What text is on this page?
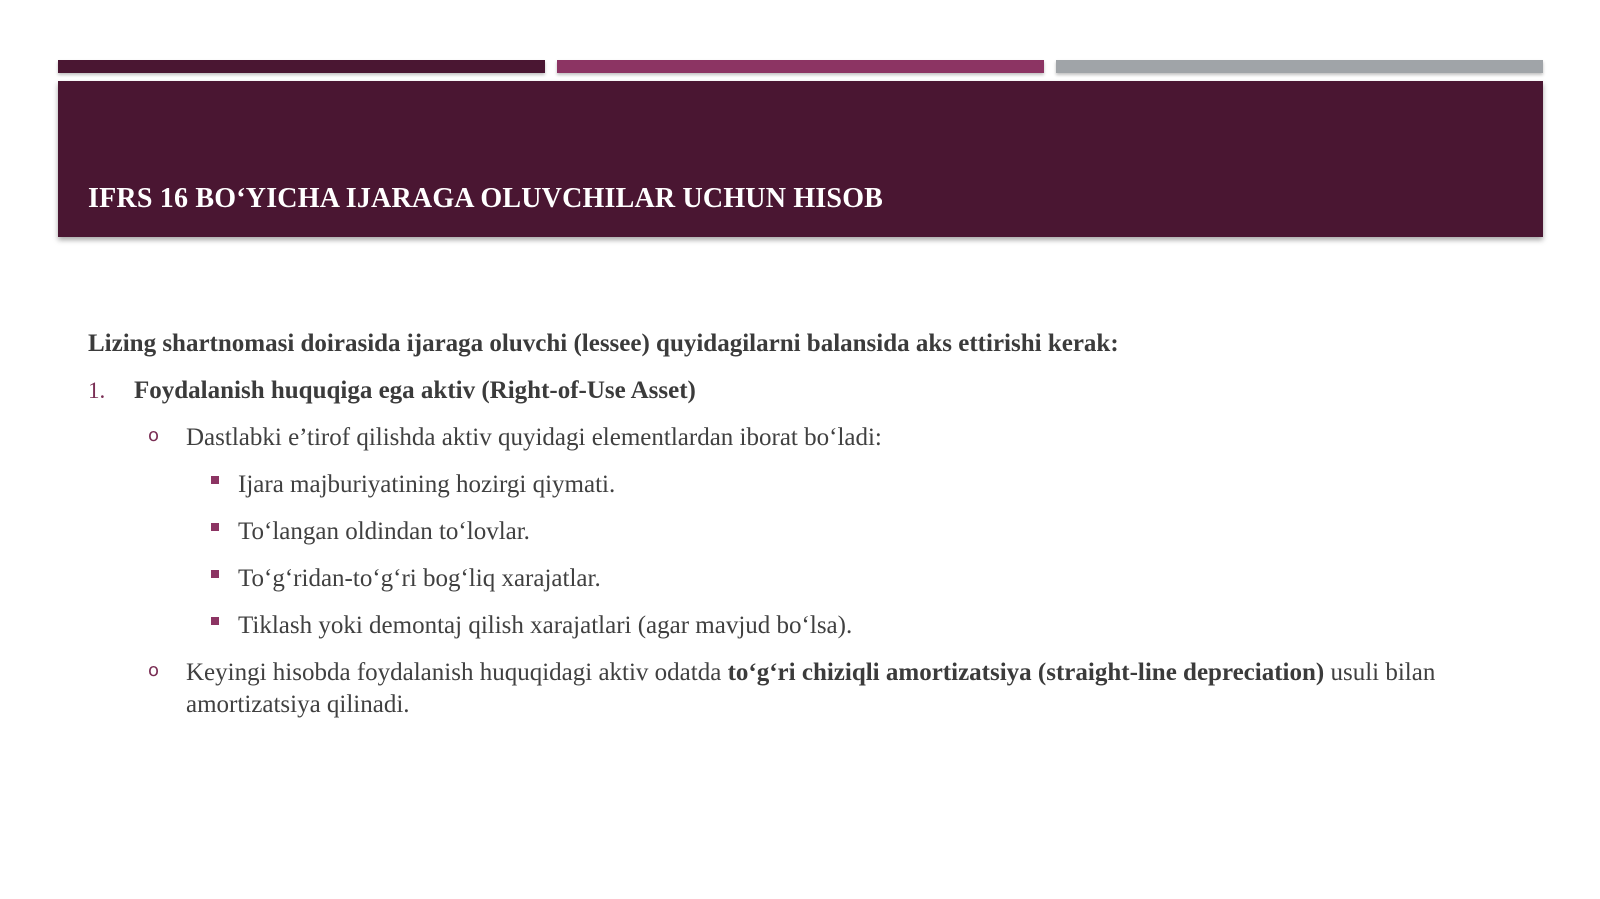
IFRS 16 BO‘YICHA IJARAGA OLUVCHILAR UCHUN HISOB

Lizing shartnomasi doirasida ijaraga oluvchi (lessee) quyidagilarni balansida aks ettirishi kerak:

1.	Foydalanish huquqiga ega aktiv (Right-of-Use Asset)
o Dastlabki e’tirof qilishda aktiv quyidagi elementlardan iborat bo‘ladi:
Ijara majburiyatining hozirgi qiymati.
To‘langan oldindan to‘lovlar.
To‘g‘ridan-to‘g‘ri bog‘liq xarajatlar.
Tiklash yoki demontaj qilish xarajatlari (agar mavjud bo‘lsa).
o Keyingi hisobda foydalanish huquqidagi aktiv odatda to‘g‘ri chiziqli amortizatsiya (straight-line depreciation) usuli bilan amortizatsiya qilinadi.
